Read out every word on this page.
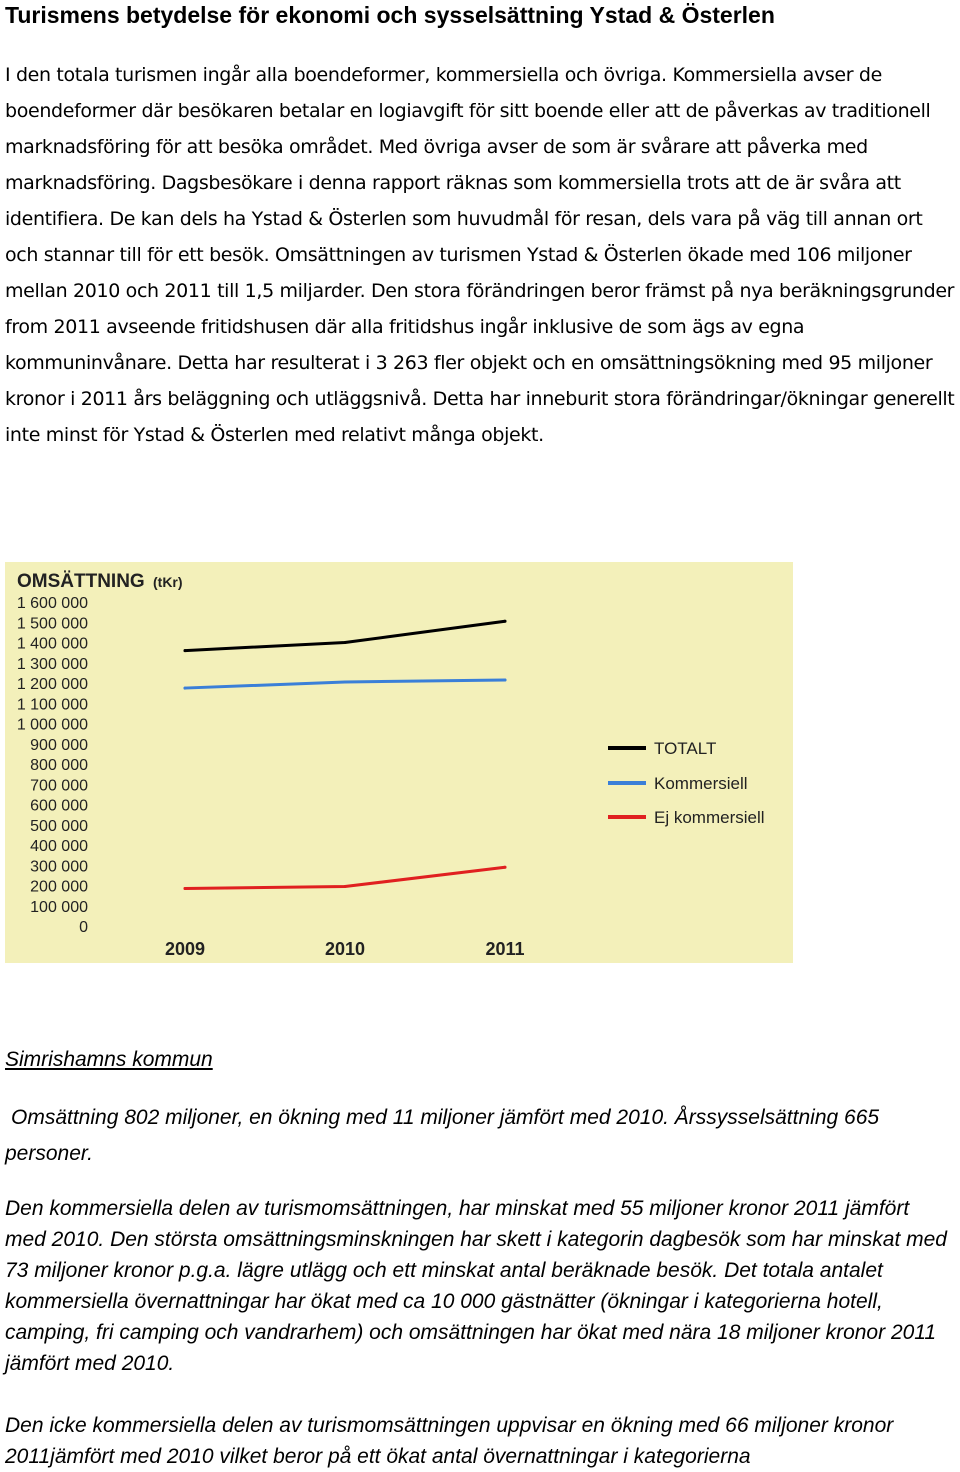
Turismens betydelse för ekonomi och sysselsättning Ystad & Österlen

I den totala turismen ingår alla boendeformer, kommersiella och övriga. Kommersiella avser de boendeformer där besökaren betalar en logiavgift för sitt boende eller att de påverkas av traditionell marknadsföring för att besöka området. Med övriga avser de som är svårare att påverka med marknadsföring. Dagsbesökare i denna rapport räknas som kommersiella trots att de är svåra att identifiera. De kan dels ha Ystad & Österlen som huvudmål för resan, dels vara på väg till annan ort och stannar till för ett besök. Omsättningen av turismen Ystad & Österlen ökade med 106 miljoner mellan 2010 och 2011 till 1,5 miljarder. Den stora förändringen beror främst på nya beräkningsgrunder from 2011 avseende fritidshusen där alla fritidshus ingår inklusive de som ägs av egna kommuninvånare. Detta har resulterat i 3 263 fler objekt och en omsättningsökning med 95 miljoner kronor i 2011 års beläggning och utläggsnivå. Detta har inneburit stora förändringar/ökningar generellt inte minst för Ystad & Österlen med relativt många objekt.

OMSÄTTNING (tKr)
0
100 000
200 000
300 000
400 000
500 000
600 000
700 000
800 000
900 000
1 000 000
1 100 000
1 200 000
1 300 000
1 400 000
1 500 000
1 600 000
2009	2010	2011
TOTALT
Kommersiell
Ej kommersiell

Simrishamns kommun

Omsättning 802 miljoner, en ökning med 11 miljoner jämfört med 2010. Årssysselsättning 665 personer.

Den kommersiella delen av turismomsättningen, har minskat med 55 miljoner kronor 2011 jämfört med 2010. Den största omsättningsminskningen har skett i kategorin dagbesök som har minskat med 73 miljoner kronor p.g.a. lägre utlägg och ett minskat antal beräknade besök. Det totala antalet kommersiella övernattningar har ökat med ca 10 000 gästnätter (ökningar i kategorierna hotell, camping, fri camping och vandrarhem) och omsättningen har ökat med nära 18 miljoner kronor 2011 jämfört med 2010.

Den icke kommersiella delen av turismomsättningen uppvisar en ökning med 66 miljoner kronor 2011jämfört med 2010 vilket beror på ett ökat antal övernattningar i kategorierna
